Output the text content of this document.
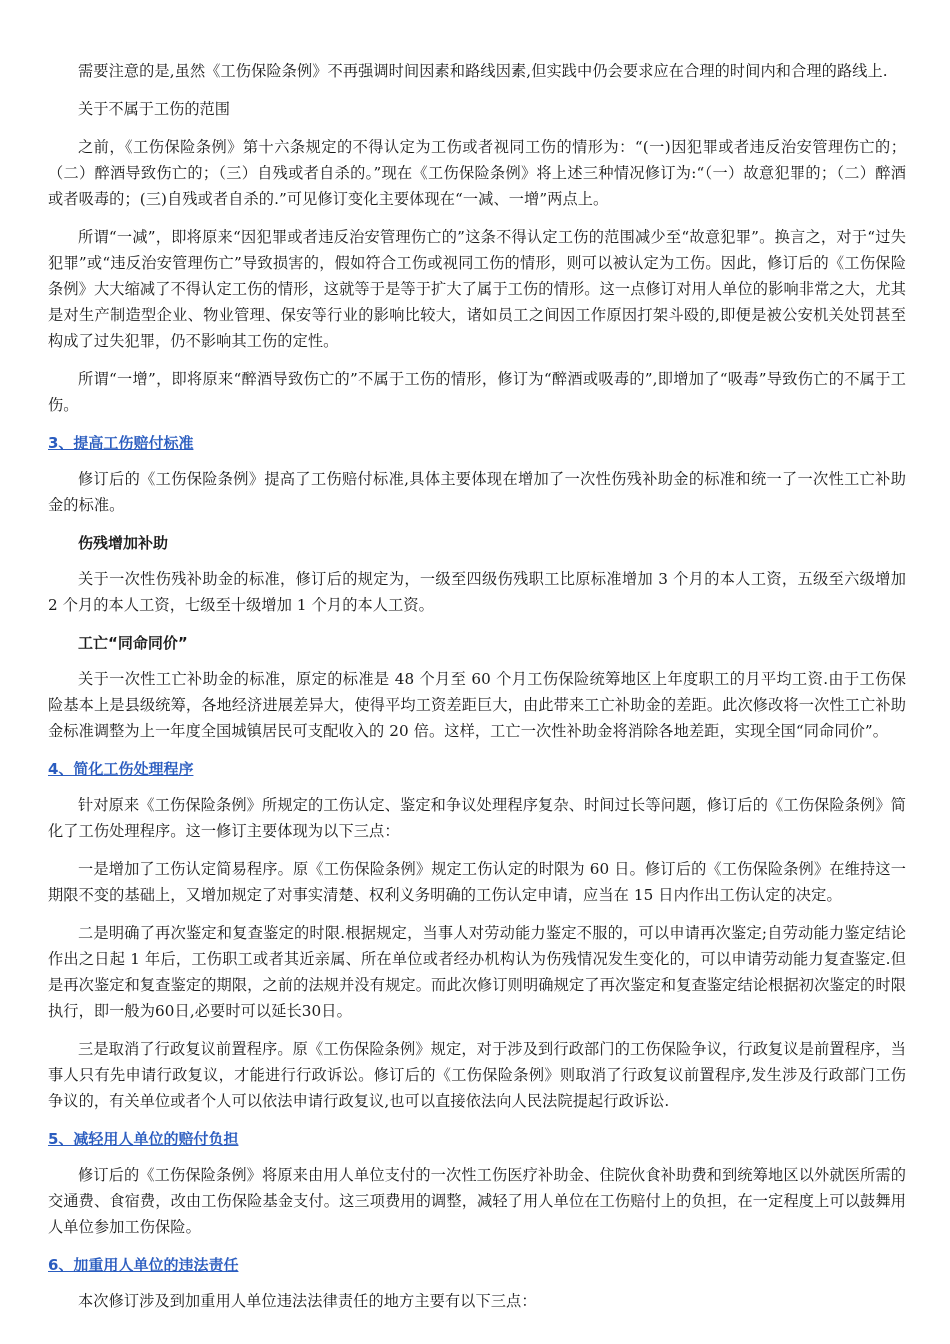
需要注意的是,虽然《工伤保险条例》不再强调时间因素和路线因素,但实践中仍会要求应在合理的时间内和合理的路线上.

关于不属于工伤的范围

之前，《工伤保险条例》第十六条规定的不得认定为工伤或者视同工伤的情形为：“(一)因犯罪或者违反治安管理伤亡的；（二）醉酒导致伤亡的；（三）自残或者自杀的。”现在《工伤保险条例》将上述三种情况修订为:“（一）故意犯罪的；（二）醉酒或者吸毒的；(三)自残或者自杀的.”可见修订变化主要体现在“一减、一增”两点上。

所谓“一减”，即将原来“因犯罪或者违反治安管理伤亡的”这条不得认定工伤的范围减少至“故意犯罪”。换言之，对于“过失犯罪”或“违反治安管理伤亡”导致损害的，假如符合工伤或视同工伤的情形，则可以被认定为工伤。因此，修订后的《工伤保险条例》大大缩减了不得认定工伤的情形，这就等于是等于扩大了属于工伤的情形。这一点修订对用人单位的影响非常之大，尤其是对生产制造型企业、物业管理、保安等行业的影响比较大，诸如员工之间因工作原因打架斗殴的,即便是被公安机关处罚甚至构成了过失犯罪，仍不影响其工伤的定性。

所谓“一增”，即将原来“醉酒导致伤亡的”不属于工伤的情形，修订为“醉酒或吸毒的”,即增加了“吸毒”导致伤亡的不属于工伤。

3、提高工伤赔付标准

修订后的《工伤保险条例》提高了工伤赔付标准,具体主要体现在增加了一次性伤残补助金的标准和统一了一次性工亡补助金的标准。

伤残增加补助

关于一次性伤残补助金的标准，修订后的规定为，一级至四级伤残职工比原标准增加 3 个月的本人工资，五级至六级增加 2 个月的本人工资，七级至十级增加 1 个月的本人工资。

工亡“同命同价”

关于一次性工亡补助金的标准，原定的标准是 48 个月至 60 个月工伤保险统筹地区上年度职工的月平均工资.由于工伤保险基本上是县级统筹，各地经济进展差异大，使得平均工资差距巨大，由此带来工亡补助金的差距。此次修改将一次性工亡补助金标准调整为上一年度全国城镇居民可支配收入的 20 倍。这样，工亡一次性补助金将消除各地差距，实现全国“同命同价”。

4、简化工伤处理程序

针对原来《工伤保险条例》所规定的工伤认定、鉴定和争议处理程序复杂、时间过长等问题，修订后的《工伤保险条例》简化了工伤处理程序。这一修订主要体现为以下三点：

一是增加了工伤认定简易程序。原《工伤保险条例》规定工伤认定的时限为 60 日。修订后的《工伤保险条例》在维持这一期限不变的基础上，又增加规定了对事实清楚、权利义务明确的工伤认定申请，应当在 15 日内作出工伤认定的决定。

二是明确了再次鉴定和复查鉴定的时限.根据规定，当事人对劳动能力鉴定不服的，可以申请再次鉴定;自劳动能力鉴定结论作出之日起 1 年后，工伤职工或者其近亲属、所在单位或者经办机构认为伤残情况发生变化的，可以申请劳动能力复查鉴定.但是再次鉴定和复查鉴定的期限，之前的法规并没有规定。而此次修订则明确规定了再次鉴定和复查鉴定结论根据初次鉴定的时限执行，即一般为60日,必要时可以延长30日。

三是取消了行政复议前置程序。原《工伤保险条例》规定，对于涉及到行政部门的工伤保险争议，行政复议是前置程序，当事人只有先申请行政复议，才能进行行政诉讼。修订后的《工伤保险条例》则取消了行政复议前置程序,发生涉及行政部门工伤争议的，有关单位或者个人可以依法申请行政复议,也可以直接依法向人民法院提起行政诉讼.

5、减轻用人单位的赔付负担

修订后的《工伤保险条例》将原来由用人单位支付的一次性工伤医疗补助金、住院伙食补助费和到统筹地区以外就医所需的交通费、食宿费，改由工伤保险基金支付。这三项费用的调整，减轻了用人单位在工伤赔付上的负担，在一定程度上可以鼓舞用人单位参加工伤保险。

6、加重用人单位的违法责任

本次修订涉及到加重用人单位违法法律责任的地方主要有以下三点：
